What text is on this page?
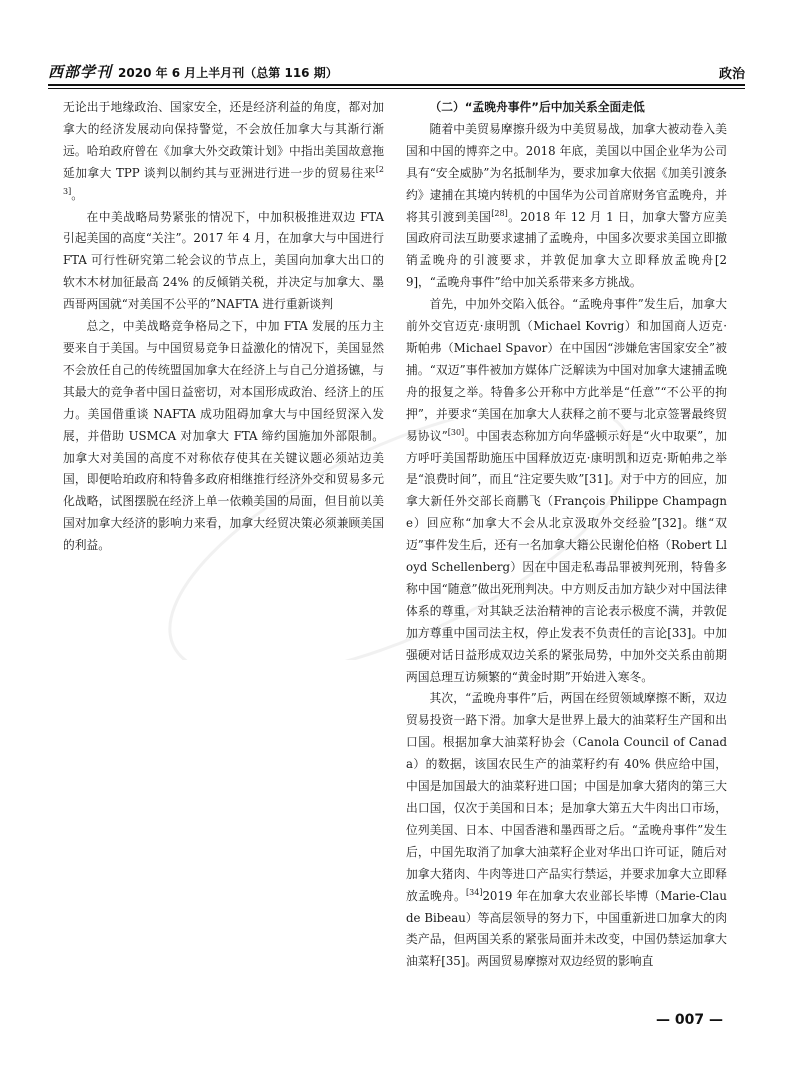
西部学刊 2020 年 6 月上半月刊（总第 116 期）	政治

无论出于地缘政治、国家安全，还是经济利益的角度，都对加拿大的经济发展动向保持警觉，不会放任加拿大与其渐行渐远。哈珀政府曾在《加拿大外交政策计划》中指出美国故意拖延加拿大 TPP 谈判以制约其与亚洲进行进一步的贸易往来[23]。

在中美战略局势紧张的情况下，中加积极推进双边 FTA 引起美国的高度“关注”。2017 年 4 月，在加拿大与中国进行 FTA 可行性研究第二轮会议的节点上，美国向加拿大出口的软木木材加征最高 24% 的反倾销关税，并决定与加拿大、墨西哥两国就“对美国不公平的”NAFTA 进行重新谈判

总之，中美战略竞争格局之下，中加 FTA 发展的压力主要来自于美国。与中国贸易竞争日益激化的情况下，美国显然不会放任自己的传统盟国加拿大在经济上与自己分道扬镳，与其最大的竞争者中国日益密切，对本国形成政治、经济上的压力。美国借重谈 NAFTA 成功阻碍加拿大与中国经贸深入发展，并借助 USMCA 对加拿大 FTA 缔约国施加外部限制。加拿大对美国的高度不对称依存使其在关键议题必须站边美国，即便哈珀政府和特鲁多政府相继推行经济外交和贸易多元化战略，试图摆脱在经济上单一依赖美国的局面，但目前以美国对加拿大经济的影响力来看，加拿大经贸决策必须兼顾美国的利益。

（二）“孟晚舟事件”后中加关系全面走低

随着中美贸易摩擦升级为中美贸易战，加拿大被动卷入美国和中国的博弈之中。2018 年底，美国以中国企业华为公司具有“安全威胁”为名抵制华为，要求加拿大依据《加美引渡条约》逮捕在其境内转机的中国华为公司首席财务官孟晚舟，并将其引渡到美国[28]。2018 年 12 月 1 日，加拿大警方应美国政府司法互助要求逮捕了孟晚舟，中国多次要求美国立即撤销孟晚舟的引渡要求，并敦促加拿大立即释放孟晚舟[29]，“孟晚舟事件”给中加关系带来多方挑战。

首先，中加外交陷入低谷。“孟晚舟事件”发生后，加拿大前外交官迈克·康明凯（Michael Kovrig）和加国商人迈克·斯帕弗（Michael Spavor）在中国因“涉嫌危害国家安全”被捕。“双迈”事件被加方媒体广泛解读为中国对加拿大逮捕孟晚舟的报复之举。特鲁多公开称中方此举是“任意”“不公平的拘押”，并要求“美国在加拿大人获释之前不要与北京签署最终贸易协议”[30]。中国表态称加方向华盛顿示好是“火中取栗”，加方呼吁美国帮助施压中国释放迈克·康明凯和迈克·斯帕弗之举是“浪费时间”，而且“注定要失败”[31]。对于中方的回应，加拿大新任外交部长商鹏飞（François Philippe Champagne）回应称“加拿大不会从北京汲取外交经验”[32]。继“双迈”事件发生后，还有一名加拿大籍公民谢伦伯格（Robert Lloyd Schellenberg）因在中国走私毒品罪被判死刑，特鲁多称中国“随意”做出死刑判决。中方则反击加方缺少对中国法律体系的尊重，对其缺乏法治精神的言论表示极度不满，并敦促加方尊重中国司法主权，停止发表不负责任的言论[33]。中加强硬对话日益形成双边关系的紧张局势，中加外交关系由前期两国总理互访频繁的“黄金时期”开始进入寒冬。

其次，“孟晚舟事件”后，两国在经贸领域摩擦不断，双边贸易投资一路下滑。加拿大是世界上最大的油菜籽生产国和出口国。根据加拿大油菜籽协会（Canola Council of Canada）的数据，该国农民生产的油菜籽约有 40% 供应给中国，中国是加国最大的油菜籽进口国；中国是加拿大猪肉的第三大出口国，仅次于美国和日本；是加拿大第五大牛肉出口市场，位列美国、日本、中国香港和墨西哥之后。“孟晚舟事件”发生后，中国先取消了加拿大油菜籽企业对华出口许可证，随后对加拿大猪肉、牛肉等进口产品实行禁运，并要求加拿大立即释放孟晚舟。[34]2019 年在加拿大农业部长毕博（Marie-Claude Bibeau）等高层领导的努力下，中国重新进口加拿大的肉类产品，但两国关系的紧张局面并未改变，中国仍禁运加拿大油菜籽[35]。两国贸易摩擦对双边经贸的影响直

— 007 —
